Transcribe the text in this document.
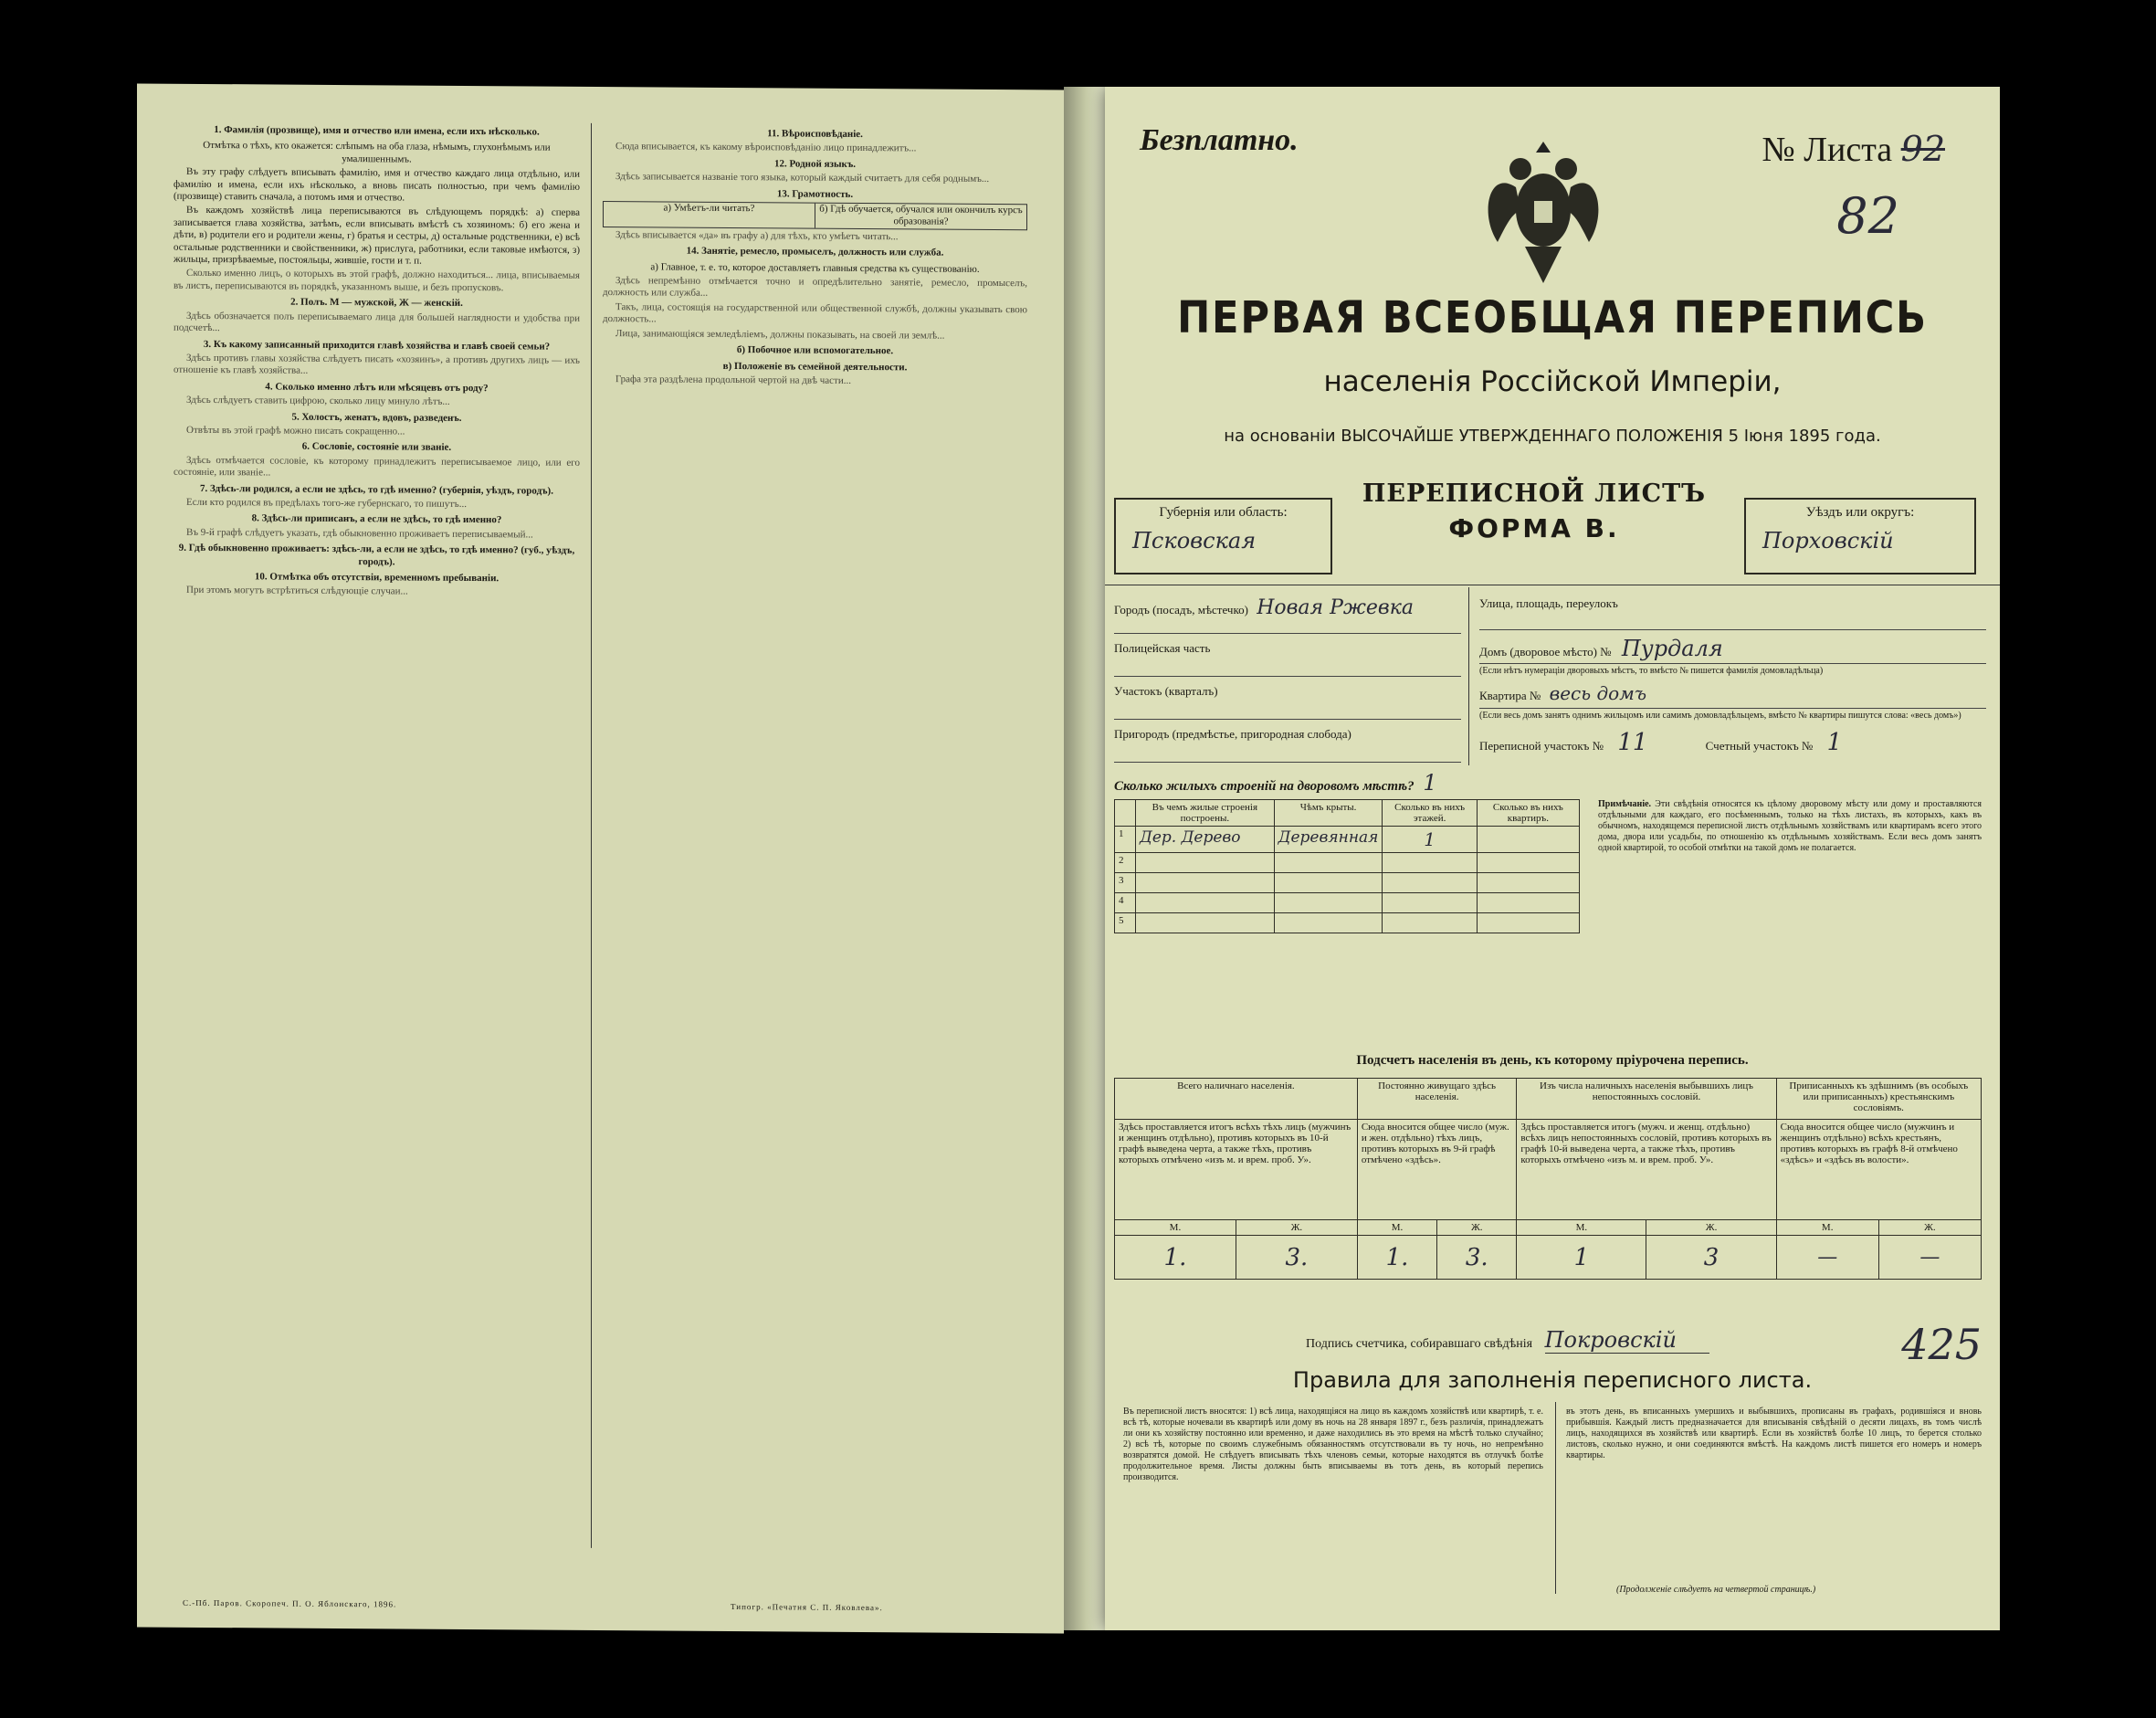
1. Фамилія (прозвище), имя и отчество или имена, если ихъ нѣсколько.
Отмѣтка о тѣхъ, кто окажется: слѣпымъ на оба глаза, нѣмымъ, глухонѣмымъ или умалишеннымъ.

Въ эту графу слѣдуетъ вписывать фамилію, имя и отчество каждаго лица отдѣльно, или фамилію и имена, если ихъ нѣсколько, а вновь писать полностью, при чемъ фамилію (прозвище) ставить сначала, а потомъ имя и отчество.

Въ каждомъ хозяйствѣ лица переписываются въ слѣдующемъ порядкѣ: а) сперва записывается глава хозяйства, затѣмъ, если вписывать вмѣстѣ съ хозяиномъ: б) его жена и дѣти, в) родители его и родители жены, г) братья и сестры, д) остальные родственники, е) всѣ остальные родственники и свойственники, ж) прислуга, работники, если таковые имѣются, з) жильцы, призрѣваемые, постояльцы, жившіе, гости и т. п.

Сколько именно лицъ, о которыхъ въ этой графѣ, должно находиться... лица, вписываемыя въ листъ, переписываются въ порядкѣ, указанномъ выше, и безъ пропусковъ.

2. Полъ. М — мужской, Ж — женскій.

Здѣсь обозначается полъ переписываемаго лица для большей наглядности и удобства при подсчетѣ...

3. Къ какому записанный приходится главѣ хозяйства и главѣ своей семьи?

Здѣсь противъ главы хозяйства слѣдуетъ писать «хозяинъ», а противъ другихъ лицъ — ихъ отношеніе къ главѣ хозяйства...

4. Сколько именно лѣтъ или мѣсяцевъ отъ роду?

Здѣсь слѣдуетъ ставить цифрою, сколько лицу минуло лѣтъ...

5. Холостъ, женатъ, вдовъ, разведенъ.

Отвѣты въ этой графѣ можно писать сокращенно...

6. Сословіе, состояніе или званіе.

Здѣсь отмѣчается сословіе, къ которому принадлежитъ переписываемое лицо, или его состояніе, или званіе...

7. Здѣсь-ли родился, а если не здѣсь, то гдѣ именно? (губернія, уѣздъ, городъ).

Если кто родился въ предѣлахъ того-же губернскаго, то пишутъ...

8. Здѣсь-ли приписанъ, а если не здѣсь, то гдѣ именно?

Въ 9-й графѣ слѣдуетъ указать, гдѣ обыкновенно проживаетъ переписываемый...

9. Гдѣ обыкновенно проживаетъ: здѣсь-ли, а если не здѣсь, то гдѣ именно? (губ., уѣздъ, городъ).
10. Отмѣтка объ отсутствіи, временномъ пребываніи.

При этомъ могутъ встрѣтиться слѣдующіе случаи...

11. Вѣроисповѣданіе.

Сюда вписывается, къ какому вѣроисповѣданію лицо принадлежитъ...

12. Родной языкъ.

Здѣсь записывается названіе того языка, который каждый считаетъ для себя роднымъ...

13. Грамотность.
а) Умѣетъ-ли читать?	б) Гдѣ обучается, обучался или окончилъ курсъ образованія?

Здѣсь вписывается «да» въ графу а) для тѣхъ, кто умѣетъ читать...

14. Занятіе, ремесло, промыселъ, должность или служба.
а) Главное, т. е. то, которое доставляетъ главныя средства къ существованію.

Здѣсь непремѣнно отмѣчается точно и опредѣлительно занятіе, ремесло, промыселъ, должность или служба...

Такъ, лица, состоящія на государственной или общественной службѣ, должны указывать свою должность...

Лица, занимающіяся земледѣліемъ, должны показывать, на своей ли землѣ...

б) Побочное или вспомогательное.
в) Положеніе въ семейной деятельности.

Графа эта раздѣлена продольной чертой на двѣ части...

С.-Пб. Паров. Скоропеч. П. О. Яблонскаго, 1896.	Типогр. «Печатня С. П. Яковлева».
Безплатно.	№ Листа 92
82
ПЕРВАЯ ВСЕОБЩАЯ ПЕРЕПИСЬ
населенія Россійской Имперіи,
на основаніи ВЫСОЧАЙШЕ УТВЕРЖДЕННАГО ПОЛОЖЕНІЯ 5 Іюня 1895 года.
Губернія или область:
Псковская
ПЕРЕПИСНОЙ ЛИСТЪ
ФОРМА В.
Уѣздъ или округъ:
Порховскій
Городъ (посадъ, мѣстечко) Новая Ржевка
Полицейская часть
Участокъ (кварталъ)
Пригородъ (предмѣстье, пригородная слобода)
Улица, площадь, переулокъ
Домъ (дворовое мѣсто) № Пурдаля
(Если нѣтъ нумераціи дворовыхъ мѣстъ, то вмѣсто № пишется фамилія домовладѣльца)
Квартира № весь домъ
(Если весь домъ занятъ однимъ жильцомъ или самимъ домовладѣльцемъ, вмѣсто № квартиры пишутся слова: «весь домъ»)
Переписной участокъ № 11	Счетный участокъ № 1
Сколько жилыхъ строеній на дворовомъ мѣстѣ? 1
	Въ чемъ жилые строенія построены.	Чѣмъ крыты.	Сколько въ нихъ этажей.	Сколько въ нихъ квартиръ.
1	Дер. Дерево	Деревянная	1	
2				
3				
4				
5				
Примѣчаніе. Эти свѣдѣнія относятся къ цѣлому дворовому мѣсту или дому и проставляются отдѣльными для каждаго, его посѣменнымъ, только на тѣхъ листахъ, въ которыхъ, какъ въ обычномъ, находящемся переписной листъ отдѣльнымъ хозяйствамъ или квартирамъ всего этого дома, двора или усадьбы, по отношенію къ отдѣльнымъ хозяйствамъ. Если весь домъ занятъ одной квартирой, то особой отмѣтки на такой домъ не полагается.
Подсчетъ населенія въ день, къ которому пріурочена перепись.
Всего наличнаго населенія.		Постоянно живущаго здѣсь населенія.		Изъ числа наличныхъ населенія выбывшихъ лицъ непостоянныхъ сословій.		Приписанныхъ къ здѣшнимъ (въ особыхъ или приписанныхъ) крестьянскимъ сословіямъ.	
Здѣсь проставляется итогъ всѣхъ тѣхъ лицъ (мужчинъ и женщинъ отдѣльно), противъ которыхъ въ 10-й графѣ выведена черта, а также тѣхъ, противъ которыхъ отмѣчено «изъ м. и врем. проб. У».		Сюда вносится общее число (муж. и жен. отдѣльно) тѣхъ лицъ, противъ которыхъ въ 9-й графѣ отмѣчено «здѣсь».		Здѣсь проставляется итогъ (мужч. и женщ. отдѣльно) всѣхъ лицъ непостоянныхъ сословій, противъ которыхъ въ графѣ 10-й выведена черта, а также тѣхъ, противъ которыхъ отмѣчено «изъ м. и врем. проб. У».		Сюда вносится общее число (мужчинъ и женщинъ отдѣльно) всѣхъ крестьянъ, противъ которыхъ въ графѣ 8-й отмѣчено «здѣсь» и «здѣсь въ волости».	
М.	Ж.	М.	Ж.	М.	Ж.	М.	Ж.
1.	3.	1.	3.	1	3	—	—
Подпись счетчика, собиравшаго свѣдѣнія Покровскій	425
Правила для заполненія переписного листа.
Въ переписной листъ вносятся: 1) всѣ лица, находящіяся на лицо въ каждомъ хозяйствѣ или квартирѣ, т. е. всѣ тѣ, которые ночевали въ квартирѣ или дому въ ночь на 28 января 1897 г., безъ различія, принадлежатъ ли они къ хозяйству постоянно или временно, и даже находились въ это время на мѣстѣ только случайно; 2) всѣ тѣ, которые по своимъ служебнымъ обязанностямъ отсутствовали въ ту ночь, но непремѣнно возвратятся домой. Не слѣдуетъ вписывать тѣхъ членовъ семьи, которые находятся въ отлучкѣ болѣе продолжительное время. Листы должны быть вписываемы въ тотъ день, въ который перепись производится.
въ этотъ день, въ вписанныхъ умершихъ и выбывшихъ, прописаны въ графахъ, родившіяся и вновь прибывшія. Каждый листъ предназначается для вписыванія свѣдѣній о десяти лицахъ, въ томъ числѣ лицъ, находящихся въ хозяйствѣ или квартирѣ. Если въ хозяйствѣ болѣе 10 лицъ, то берется столько листовъ, сколько нужно, и они соединяются вмѣстѣ. На каждомъ листѣ пишется его номеръ и номеръ квартиры.
(Продолженіе слѣдуетъ на четвертой страницѣ.)
